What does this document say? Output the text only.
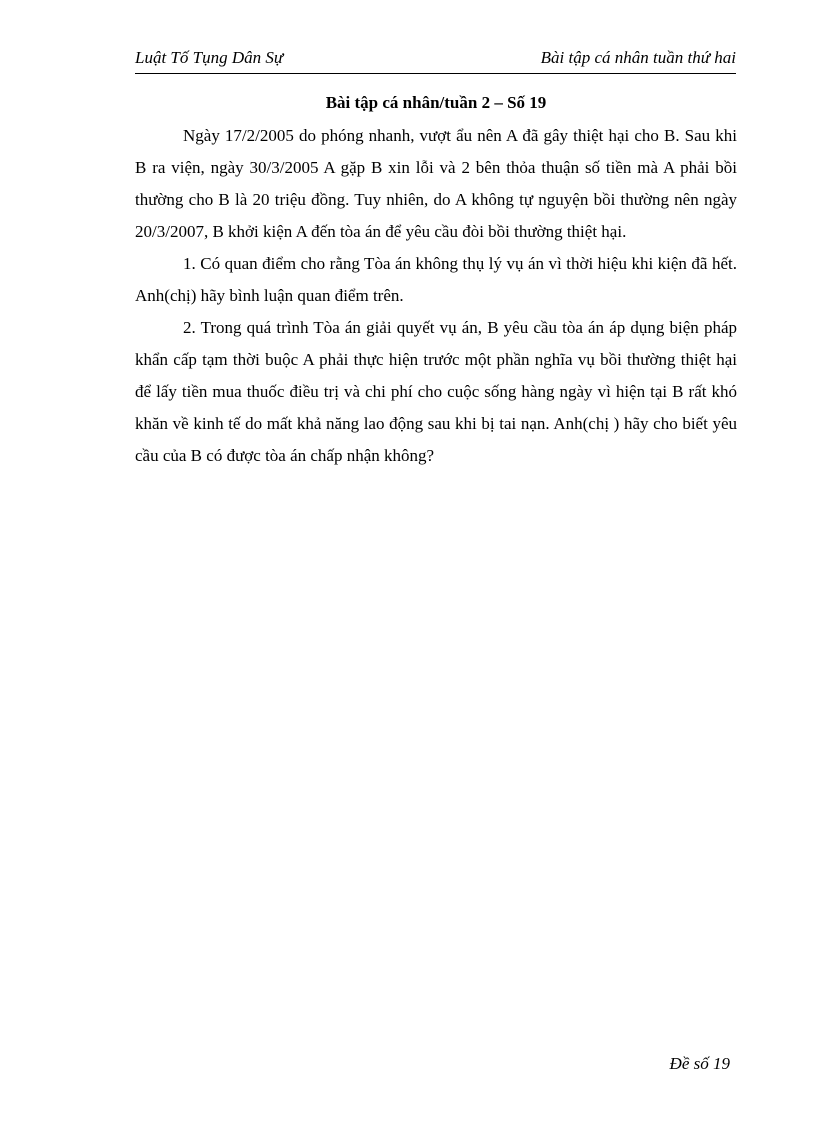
Luật Tố Tụng Dân Sự	Bài tập cá nhân tuần thứ hai

Bài tập cá nhân/tuần 2 – Số 19

Ngày 17/2/2005 do phóng nhanh, vượt ẩu nên A đã gây thiệt hại cho B. Sau khi B ra viện, ngày 30/3/2005 A gặp B xin lỗi và 2 bên thỏa thuận số tiền mà A phải bồi thường cho B là 20 triệu đồng. Tuy nhiên, do A không tự nguyện bồi thường nên ngày 20/3/2007, B khởi kiện A đến tòa án để yêu cầu đòi bồi thường thiệt hại.

1. Có quan điểm cho rằng Tòa án không thụ lý vụ án vì thời hiệu khi kiện đã hết. Anh(chị) hãy bình luận quan điểm trên.

2. Trong quá trình Tòa án giải quyết vụ án, B yêu cầu tòa án áp dụng biện pháp khẩn cấp tạm thời buộc A phải thực hiện trước một phần nghĩa vụ bồi thường thiệt hại để lấy tiền mua thuốc điều trị và chi phí cho cuộc sống hàng ngày vì hiện tại B rất khó khăn về kinh tế do mất khả năng lao động sau khi bị tai nạn. Anh(chị ) hãy cho biết yêu cầu của B có được tòa án chấp nhận không?

Đề số 19
